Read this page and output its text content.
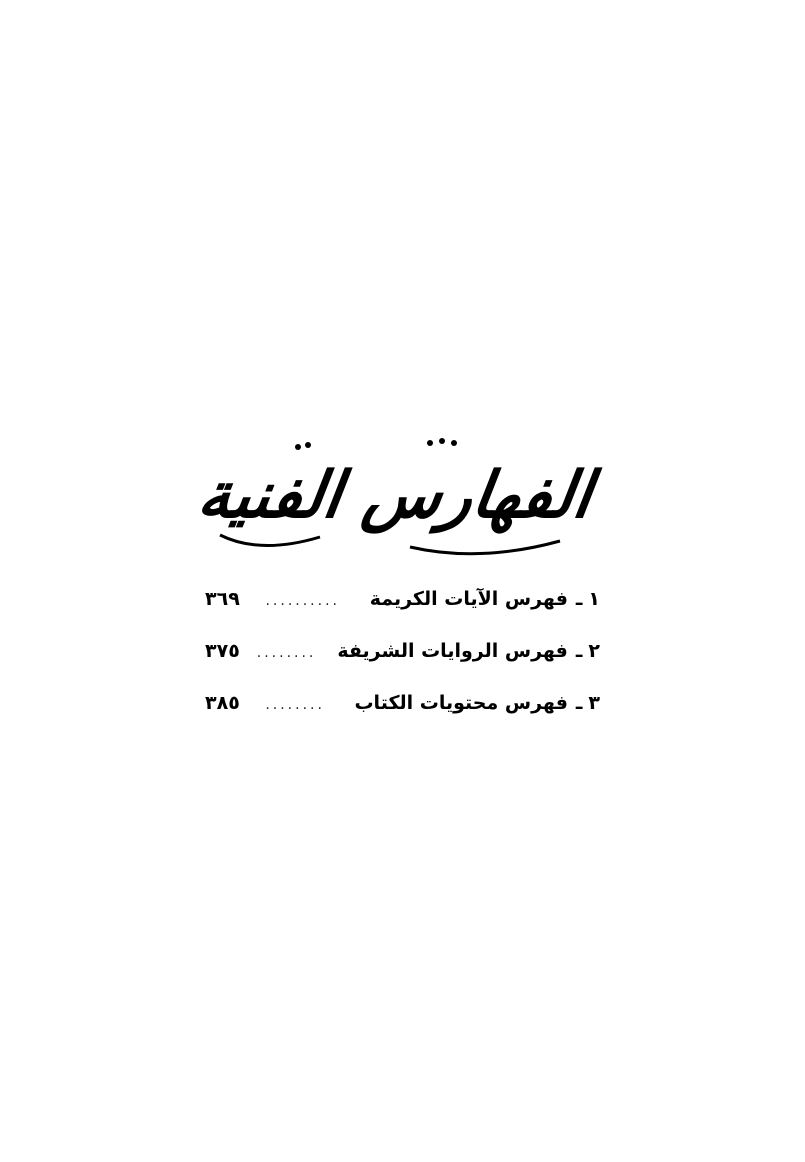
الفهارس الفنية
١
ـ
فهرس الآيات الكريمة
..........
٣٦٩
٢
ـ
فهرس الروايات الشريفة
........
٣٧٥
٣
ـ
فهرس محتويات الكتاب
........
٣٨٥
